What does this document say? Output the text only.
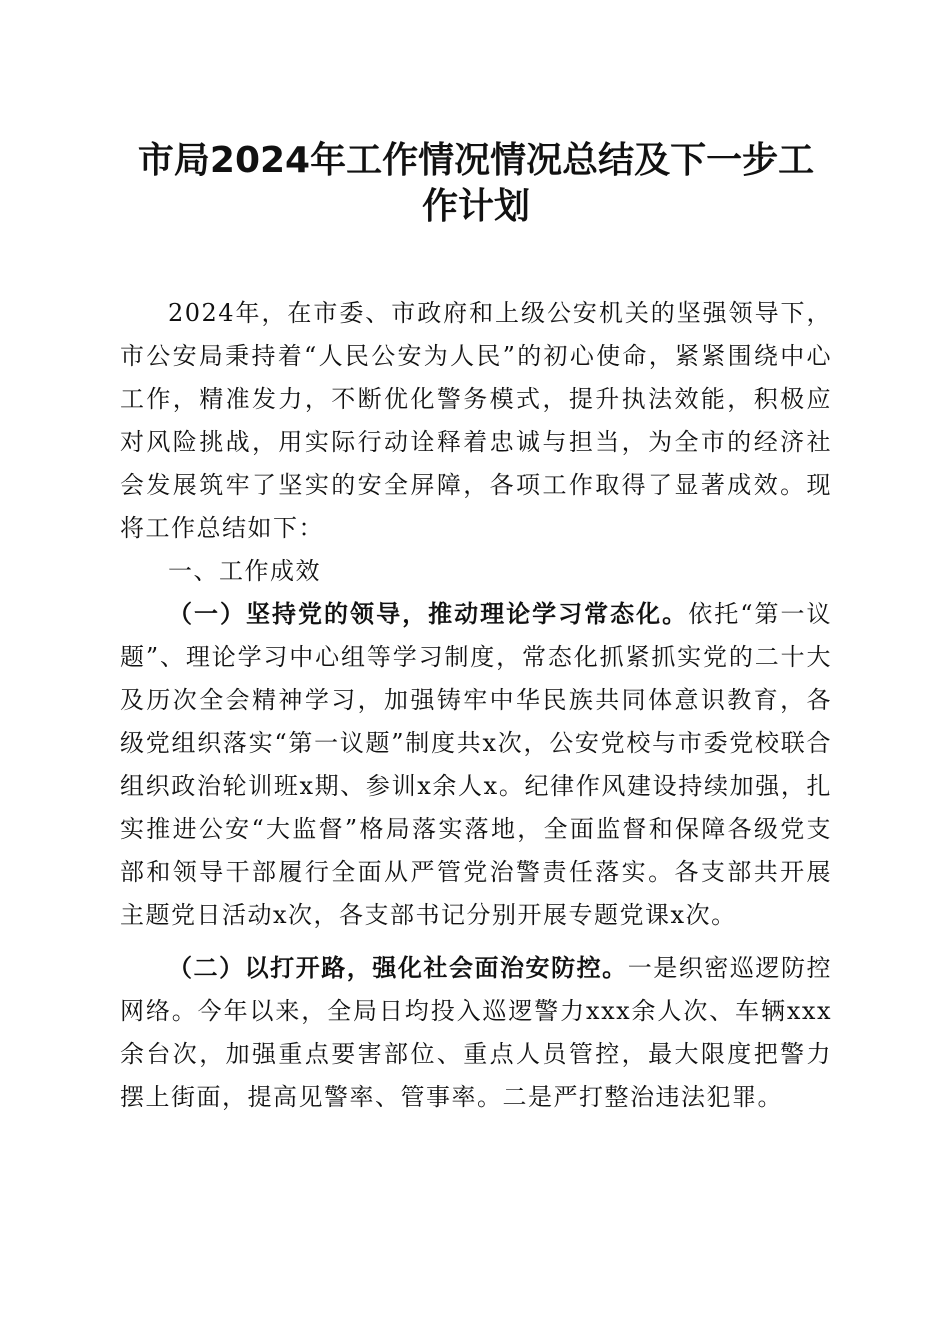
市局2024年工作情况情况总结及下一步工作计划

2024年，在市委、市政府和上级公安机关的坚强领导下，市公安局秉持着“人民公安为人民”的初心使命，紧紧围绕中心工作，精准发力，不断优化警务模式，提升执法效能，积极应对风险挑战，用实际行动诠释着忠诚与担当，为全市的经济社会发展筑牢了坚实的安全屏障，各项工作取得了显著成效。现将工作总结如下：

一、工作成效

（一）坚持党的领导，推动理论学习常态化。依托“第一议题”、理论学习中心组等学习制度，常态化抓紧抓实党的二十大及历次全会精神学习，加强铸牢中华民族共同体意识教育，各级党组织落实“第一议题”制度共x次，公安党校与市委党校联合组织政治轮训班x期、参训x余人x。纪律作风建设持续加强，扎实推进公安“大监督”格局落实落地，全面监督和保障各级党支部和领导干部履行全面从严管党治警责任落实。各支部共开展主题党日活动x次，各支部书记分别开展专题党课x次。

（二）以打开路，强化社会面治安防控。一是织密巡逻防控网络。今年以来，全局日均投入巡逻警力xxx余人次、车辆xxx余台次，加强重点要害部位、重点人员管控，最大限度把警力摆上街面，提高见警率、管事率。二是严打整治违法犯罪。
